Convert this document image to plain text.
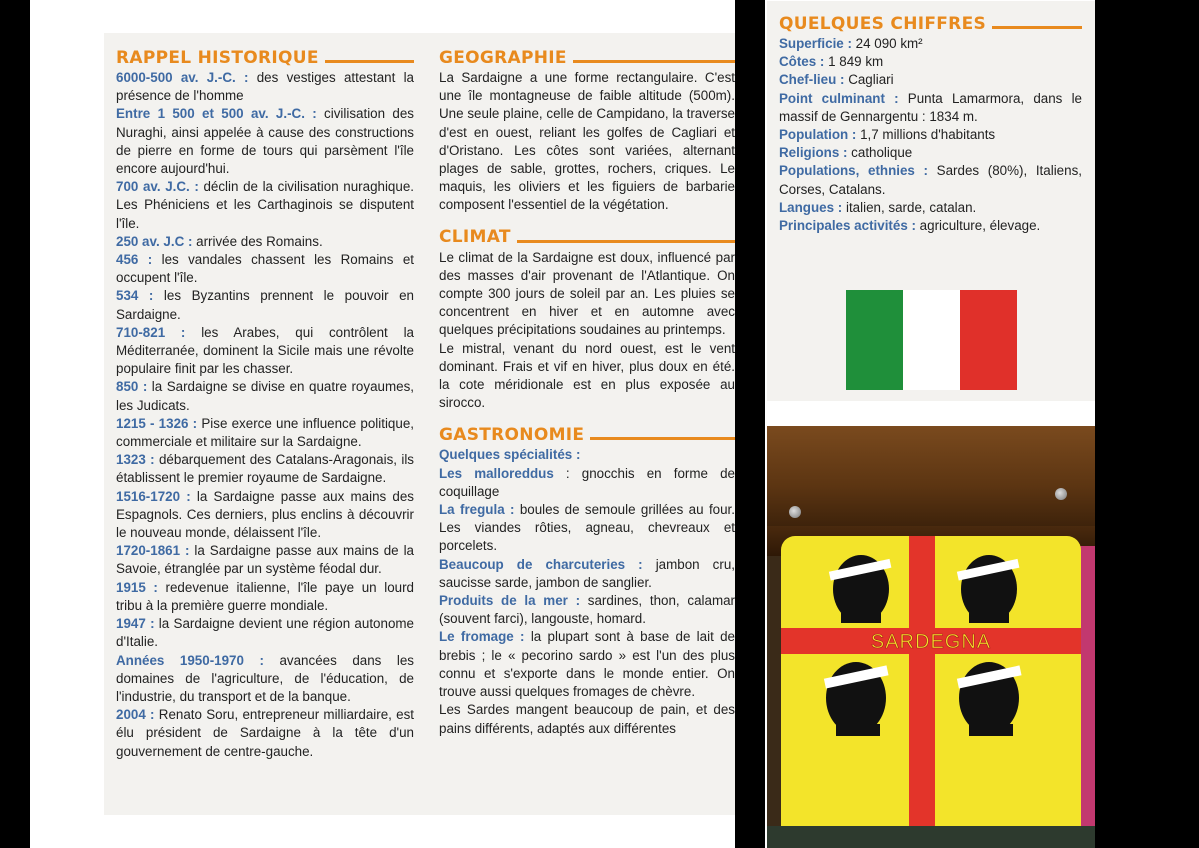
RAPPEL HISTORIQUE

6000-500 av. J.-C. : des vestiges attestant la présence de l'homme

Entre 1 500 et 500 av. J.-C. : civilisation des Nuraghi, ainsi appelée à cause des constructions de pierre en forme de tours qui parsèment l'île encore aujourd'hui.

700 av. J.C. : déclin de la civilisation nuraghique. Les Phéniciens et les Carthaginois se disputent l'île.

250 av. J.C : arrivée des Romains.

456 : les vandales chassent les Romains et occupent l'île.

534 : les Byzantins prennent le pouvoir en Sardaigne.

710-821 : les Arabes, qui contrôlent la Méditerranée, dominent la Sicile mais une révolte populaire finit par les chasser.

850 : la Sardaigne se divise en quatre royaumes, les Judicats.

1215 - 1326 : Pise exerce une influence politique, commerciale et militaire sur la Sardaigne.

1323 : débarquement des Catalans-Aragonais, ils établissent le premier royaume de Sardaigne.

1516-1720 : la Sardaigne passe aux mains des Espagnols. Ces derniers, plus enclins à découvrir le nouveau monde, délaissent l'île.

1720-1861 : la Sardaigne passe aux mains de la Savoie, étranglée par un système féodal dur.

1915 : redevenue italienne, l'île paye un lourd tribu à la première guerre mondiale.

1947 : la Sardaigne devient une région autonome d'Italie.

Années 1950-1970 : avancées dans les domaines de l'agriculture, de l'éducation, de l'industrie, du transport et de la banque.

2004 : Renato Soru, entrepreneur milliardaire, est élu président de Sardaigne à la tête d'un gouvernement de centre-gauche.

GEOGRAPHIE

La Sardaigne a une forme rectangulaire. C'est une île montagneuse de faible altitude (500m). Une seule plaine, celle de Campidano, la traverse d'est en ouest, reliant les golfes de Cagliari et d'Oristano. Les côtes sont variées, alternant plages de sable, grottes, rochers, criques. Le maquis, les oliviers et les figuiers de barbarie composent l'essentiel de la végétation.

CLIMAT

Le climat de la Sardaigne est doux, influencé par des masses d'air provenant de l'Atlantique. On compte 300 jours de soleil par an. Les pluies se concentrent en hiver et en automne avec quelques précipitations soudaines au printemps.

Le mistral, venant du nord ouest, est le vent dominant. Frais et vif en hiver, plus doux en été. la cote méridionale est en plus exposée au sirocco.

GASTRONOMIE

Quelques spécialités :

Les malloreddus : gnocchis en forme de coquillage

La fregula : boules de semoule grillées au four. Les viandes rôties, agneau, chevreaux et porcelets.

Beaucoup de charcuteries : jambon cru, saucisse sarde, jambon de sanglier.

Produits de la mer : sardines, thon, calamar (souvent farci), langouste, homard.

Le fromage : la plupart sont à base de lait de brebis ; le « pecorino sardo » est l'un des plus connu et s'exporte dans le monde entier. On trouve aussi quelques fromages de chèvre.

Les Sardes mangent beaucoup de pain, et des pains différents, adaptés aux différentes

QUELQUES CHIFFRES

Superficie : 24 090 km²

Côtes : 1 849 km

Chef-lieu : Cagliari

Point culminant : Punta Lamarmora, dans le massif de Gennargentu : 1834 m.

Population : 1,7 millions d'habitants

Religions : catholique

Populations, ethnies : Sardes (80%), Italiens, Corses, Catalans.

Langues : italien, sarde, catalan.

Principales activités : agriculture, élevage.

SARDEGNA
